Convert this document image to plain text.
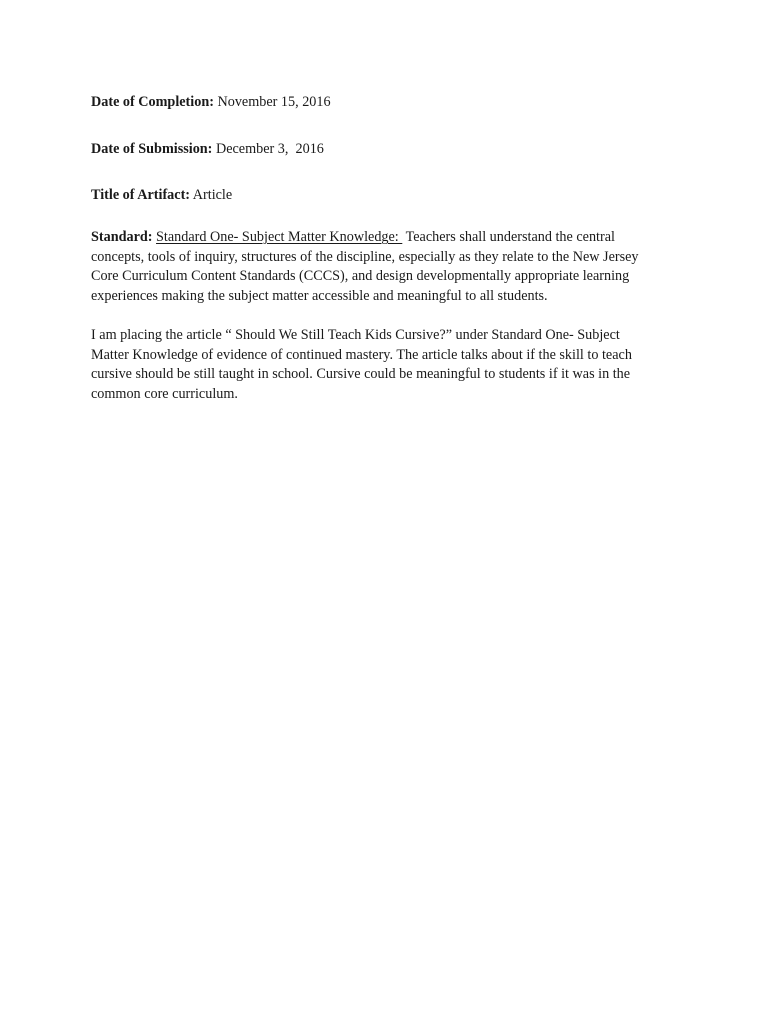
Date of Completion: November 15, 2016

Date of Submission: December 3,  2016

Title of Artifact: Article

Standard: Standard One- Subject Matter Knowledge:  Teachers shall understand the central
concepts, tools of inquiry, structures of the discipline, especially as they relate to the New Jersey
Core Curriculum Content Standards (CCCS), and design developmentally appropriate learning
experiences making the subject matter accessible and meaningful to all students.
I am placing the article “ Should We Still Teach Kids Cursive?” under Standard One- Subject
Matter Knowledge of evidence of continued mastery. The article talks about if the skill to teach
cursive should be still taught in school. Cursive could be meaningful to students if it was in the
common core curriculum.
